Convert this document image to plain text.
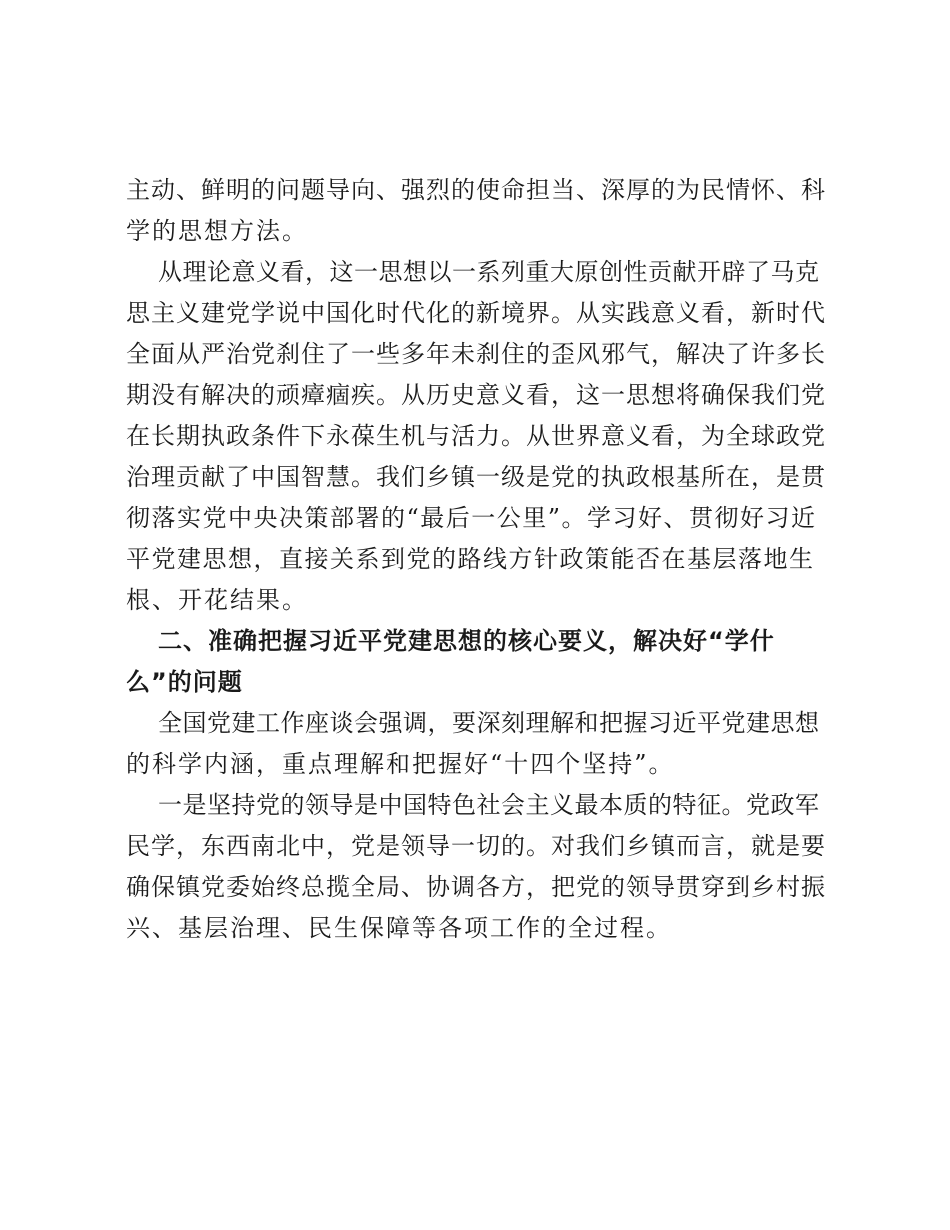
主动、鲜明的问题导向、强烈的使命担当、深厚的为民情怀、科
学的思想方法。
从理论意义看，这一思想以一系列重大原创性贡献开辟了马克
思主义建党学说中国化时代化的新境界。从实践意义看，新时代
全面从严治党刹住了一些多年未刹住的歪风邪气，解决了许多长
期没有解决的顽瘴痼疾。从历史意义看，这一思想将确保我们党
在长期执政条件下永葆生机与活力。从世界意义看，为全球政党
治理贡献了中国智慧。我们乡镇一级是党的执政根基所在，是贯
彻落实党中央决策部署的“最后一公里”。学习好、贯彻好习近
平党建思想，直接关系到党的路线方针政策能否在基层落地生
根、开花结果。
二、准确把握习近平党建思想的核心要义，解决好“学什
么”的问题
全国党建工作座谈会强调，要深刻理解和把握习近平党建思想
的科学内涵，重点理解和把握好“十四个坚持”。
一是坚持党的领导是中国特色社会主义最本质的特征。党政军
民学，东西南北中，党是领导一切的。对我们乡镇而言，就是要
确保镇党委始终总揽全局、协调各方，把党的领导贯穿到乡村振
兴、基层治理、民生保障等各项工作的全过程。
